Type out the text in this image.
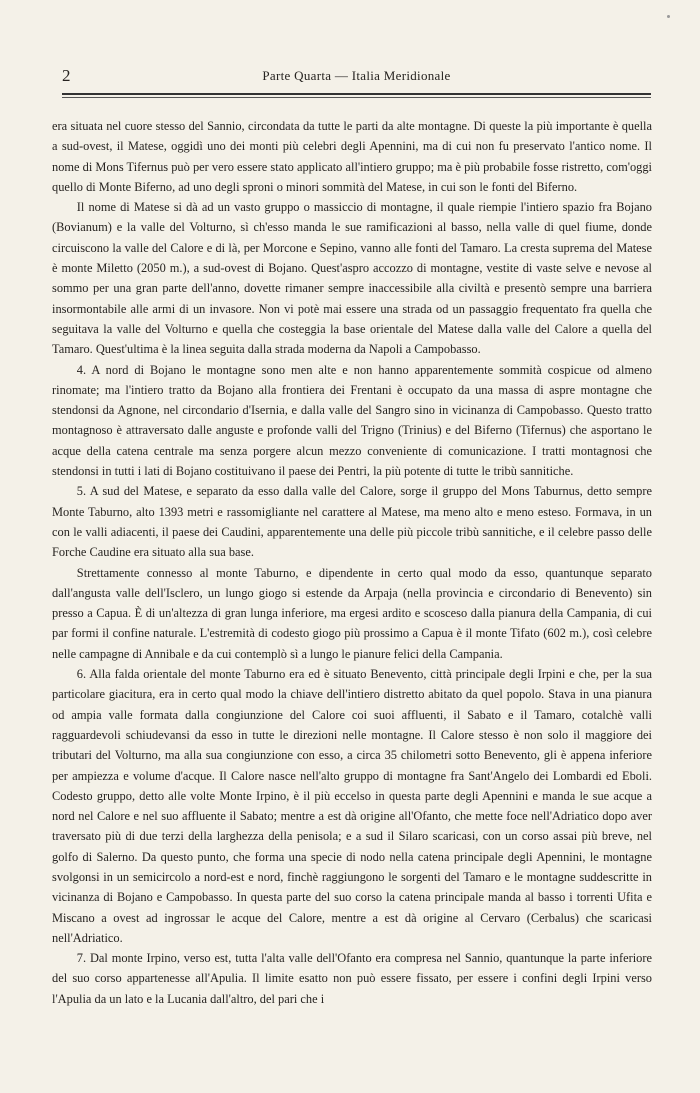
2	Parte Quarta — Italia Meridionale

era situata nel cuore stesso del Sannio, circondata da tutte le parti da alte montagne. Di queste la più importante è quella a sud-ovest, il Matese, oggidì uno dei monti più celebri degli Apennini, ma di cui non fu preservato l'antico nome. Il nome di Mons Tifernus può per vero essere stato applicato all'intiero gruppo; ma è più probabile fosse ristretto, com'oggi quello di Monte Biferno, ad uno degli sproni o minori sommità del Matese, in cui son le fonti del Biferno.

Il nome di Matese si dà ad un vasto gruppo o massiccio di montagne, il quale riempie l'intiero spazio fra Bojano (Bovianum) e la valle del Volturno, sì ch'esso manda le sue ramificazioni al basso, nella valle di quel fiume, donde circuiscono la valle del Calore e di là, per Morcone e Sepino, vanno alle fonti del Tamaro. La cresta suprema del Matese è monte Miletto (2050 m.), a sud-ovest di Bojano. Quest'aspro accozzo di montagne, vestite di vaste selve e nevose al sommo per una gran parte dell'anno, dovette rimaner sempre inaccessibile alla civiltà e presentò sempre una barriera insormontabile alle armi di un invasore. Non vi potè mai essere una strada od un passaggio frequentato fra quella che seguitava la valle del Volturno e quella che costeggia la base orientale del Matese dalla valle del Calore a quella del Tamaro. Quest'ultima è la linea seguita dalla strada moderna da Napoli a Campobasso.

4. A nord di Bojano le montagne sono men alte e non hanno apparentemente sommità cospicue od almeno rinomate; ma l'intiero tratto da Bojano alla frontiera dei Frentani è occupato da una massa di aspre montagne che stendonsi da Agnone, nel circondario d'Isernia, e dalla valle del Sangro sino in vicinanza di Campobasso. Questo tratto montagnoso è attraversato dalle anguste e profonde valli del Trigno (Trinius) e del Biferno (Tifernus) che asportano le acque della catena centrale ma senza porgere alcun mezzo conveniente di comunicazione. I tratti montagnosi che stendonsi in tutti i lati di Bojano costituivano il paese dei Pentri, la più potente di tutte le tribù sannitiche.

5. A sud del Matese, e separato da esso dalla valle del Calore, sorge il gruppo del Mons Taburnus, detto sempre Monte Taburno, alto 1393 metri e rassomigliante nel carattere al Matese, ma meno alto e meno esteso. Formava, in un con le valli adiacenti, il paese dei Caudini, apparentemente una delle più piccole tribù sannitiche, e il celebre passo delle Forche Caudine era situato alla sua base.

Strettamente connesso al monte Taburno, e dipendente in certo qual modo da esso, quantunque separato dall'angusta valle dell'Isclero, un lungo giogo si estende da Arpaja (nella provincia e circondario di Benevento) sin presso a Capua. È di un'altezza di gran lunga inferiore, ma ergesi ardito e scosceso dalla pianura della Campania, di cui par formi il confine naturale. L'estremità di codesto giogo più prossimo a Capua è il monte Tifato (602 m.), così celebre nelle campagne di Annibale e da cui contemplò sì a lungo le pianure felici della Campania.

6. Alla falda orientale del monte Taburno era ed è situato Benevento, città principale degli Irpini e che, per la sua particolare giacitura, era in certo qual modo la chiave dell'intiero distretto abitato da quel popolo. Stava in una pianura od ampia valle formata dalla congiunzione del Calore coi suoi affluenti, il Sabato e il Tamaro, cotalchè valli ragguardevoli schiudevansi da esso in tutte le direzioni nelle montagne. Il Calore stesso è non solo il maggiore dei tributari del Volturno, ma alla sua congiunzione con esso, a circa 35 chilometri sotto Benevento, gli è appena inferiore per ampiezza e volume d'acque. Il Calore nasce nell'alto gruppo di montagne fra Sant'Angelo dei Lombardi ed Eboli. Codesto gruppo, detto alle volte Monte Irpino, è il più eccelso in questa parte degli Apennini e manda le sue acque a nord nel Calore e nel suo affluente il Sabato; mentre a est dà origine all'Ofanto, che mette foce nell'Adriatico dopo aver traversato più di due terzi della larghezza della penisola; e a sud il Silaro scaricasi, con un corso assai più breve, nel golfo di Salerno. Da questo punto, che forma una specie di nodo nella catena principale degli Apennini, le montagne svolgonsi in un semicircolo a nord-est e nord, finchè raggiungono le sorgenti del Tamaro e le montagne suddescritte in vicinanza di Bojano e Campobasso. In questa parte del suo corso la catena principale manda al basso i torrenti Ufita e Miscano a ovest ad ingrossar le acque del Calore, mentre a est dà origine al Cervaro (Cerbalus) che scaricasi nell'Adriatico.

7. Dal monte Irpino, verso est, tutta l'alta valle dell'Ofanto era compresa nel Sannio, quantunque la parte inferiore del suo corso appartenesse all'Apulia. Il limite esatto non può essere fissato, per essere i confini degli Irpini verso l'Apulia da un lato e la Lucania dall'altro, del pari che i
